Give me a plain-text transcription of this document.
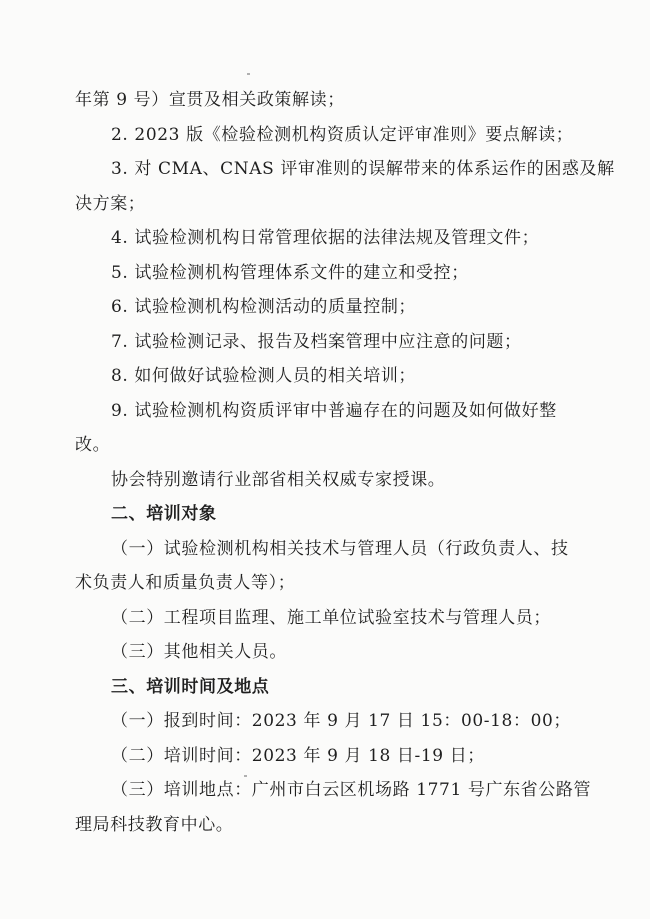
年第 9 号）宣贯及相关政策解读；

2. 2023 版《检验检测机构资质认定评审准则》要点解读；

3. 对 CMA、CNAS 评审准则的误解带来的体系运作的困惑及解

决方案；

4. 试验检测机构日常管理依据的法律法规及管理文件；

5. 试验检测机构管理体系文件的建立和受控；

6. 试验检测机构检测活动的质量控制；

7. 试验检测记录、报告及档案管理中应注意的问题；

8. 如何做好试验检测人员的相关培训；

9. 试验检测机构资质评审中普遍存在的问题及如何做好整

改。

协会特别邀请行业部省相关权威专家授课。

二、培训对象

（一）试验检测机构相关技术与管理人员（行政负责人、技

术负责人和质量负责人等）；

（二）工程项目监理、施工单位试验室技术与管理人员；

（三）其他相关人员。

三、培训时间及地点

（一）报到时间：2023 年 9 月 17 日 15：00-18：00；

（二）培训时间：2023 年 9 月 18 日-19 日；

（三）培训地点：广州市白云区机场路 1771 号广东省公路管

理局科技教育中心。
